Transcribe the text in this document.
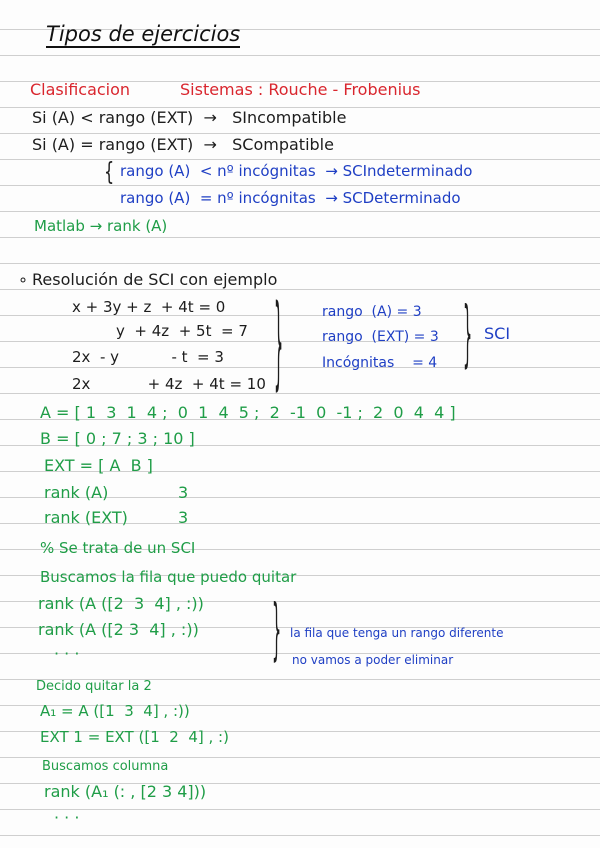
Tipos de ejercicios
Clasificacion	Sistemas : Rouche - Frobenius
Si (A) < rango (EXT)  →   SIncompatible
Si (A) = rango (EXT)  →   SCompatible
{ rango (A)  < nº incógnitas  → SCIndeterminado
rango (A)  = nº incógnitas  → SCDeterminado
Matlab → rank (A)
∘ Resolución de SCI con ejemplo
x + 3y + z  + 4t = 0
y  + 4z  + 5t  = 7
2x  - y           - t  = 3
2x            + 4z  + 4t = 10 }	rango  (A) = 3
rango  (EXT) = 3
Incógnitas    = 4 } SCI
A = [ 1  3  1  4 ;  0  1  4  5 ;  2  -1  0  -1 ;  2  0  4  4 ]
B = [ 0 ; 7 ; 3 ; 10 ]
EXT = [ A  B ]
rank (A)	3
rank (EXT)	3
% Se trata de un SCI
Buscamos la fila que puedo quitar
rank (A ([2  3  4] , :))
rank (A ([2 3  4] , :))
· · ·	} la fila que tenga un rango diferente
no vamos a poder eliminar
Decido quitar la 2
A₁ = A ([1  3  4] , :))
EXT 1 = EXT ([1  2  4] , :)
Buscamos columna
rank (A₁ (: , [2 3 4]))
· · ·
